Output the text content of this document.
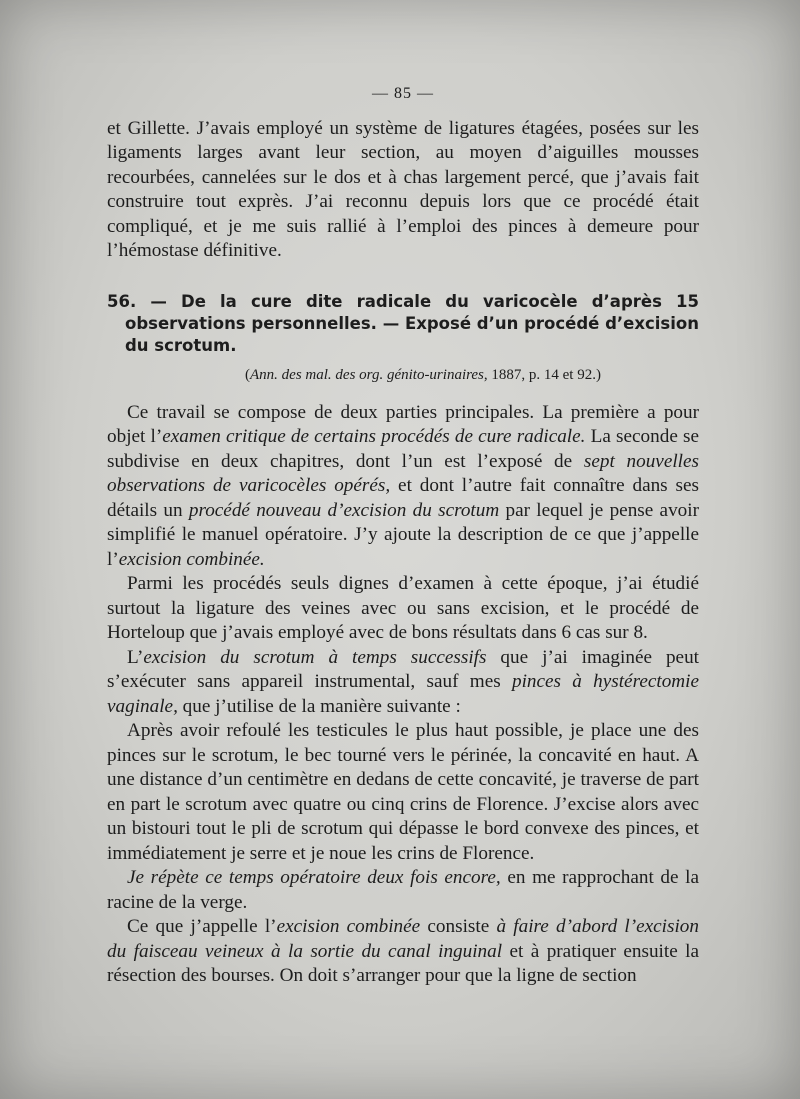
— 85 —

et Gillette. J’avais employé un système de ligatures étagées, posées sur les ligaments larges avant leur section, au moyen d’aiguilles mousses recourbées, cannelées sur le dos et à chas largement percé, que j’avais fait construire tout exprès. J’ai reconnu depuis lors que ce procédé était compliqué, et je me suis rallié à l’emploi des pinces à demeure pour l’hémostase définitive.

56. — De la cure dite radicale du varicocèle d’après 15 observations personnelles. — Exposé d’un procédé d’excision du scrotum.
(Ann. des mal. des org. génito-urinaires, 1887, p. 14 et 92.)

Ce travail se compose de deux parties principales. La première a pour objet l’examen critique de certains procédés de cure radicale. La seconde se subdivise en deux chapitres, dont l’un est l’exposé de sept nouvelles observations de varicocèles opérés, et dont l’autre fait connaître dans ses détails un procédé nouveau d’excision du scrotum par lequel je pense avoir simplifié le manuel opératoire. J’y ajoute la description de ce que j’appelle l’excision combinée.

Parmi les procédés seuls dignes d’examen à cette époque, j’ai étudié surtout la ligature des veines avec ou sans excision, et le procédé de Horteloup que j’avais employé avec de bons résultats dans 6 cas sur 8.

L’excision du scrotum à temps successifs que j’ai imaginée peut s’exécuter sans appareil instrumental, sauf mes pinces à hystérectomie vaginale, que j’utilise de la manière suivante :

Après avoir refoulé les testicules le plus haut possible, je place une des pinces sur le scrotum, le bec tourné vers le périnée, la concavité en haut. A une distance d’un centimètre en dedans de cette concavité, je traverse de part en part le scrotum avec quatre ou cinq crins de Florence. J’excise alors avec un bistouri tout le pli de scrotum qui dépasse le bord convexe des pinces, et immédiatement je serre et je noue les crins de Florence.

Je répète ce temps opératoire deux fois encore, en me rapprochant de la racine de la verge.

Ce que j’appelle l’excision combinée consiste à faire d’abord l’excision du faisceau veineux à la sortie du canal inguinal et à pratiquer ensuite la résection des bourses. On doit s’arranger pour que la ligne de section
